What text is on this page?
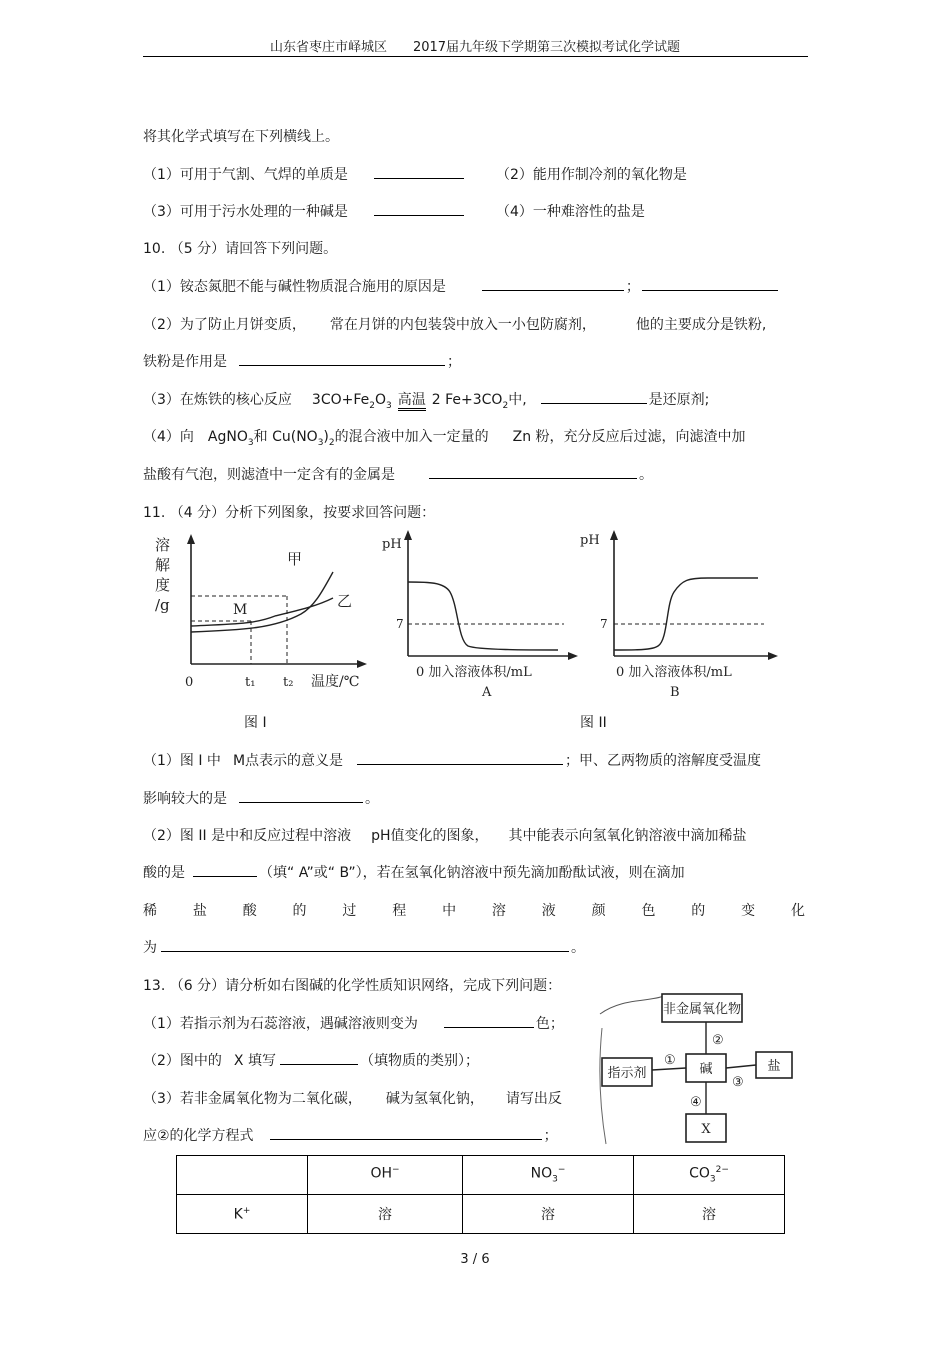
山东省枣庄市峄城区 2017届九年级下学期第三次模拟考试化学试题
将其化学式填写在下列横线上。
（1）可用于气割、气焊的单质是	（2）能用作制冷剂的氧化物是
（3）可用于污水处理的一种碱是	（4）一种难溶性的盐是
10. （5 分）请回答下列问题。
（1）铵态氮肥不能与碱性物质混合施用的原因是	；
（2）为了防止月饼变质， 常在月饼的内包装袋中放入一小包防腐剂，	他的主要成分是铁粉,
铁粉是作用是	；
（3）在炼铁的核心反应 $3CO+Fe_2O_3$ 高温 2 $Fe+3CO_2$中,	是还原剂;
（4）向 AgNO$_3$和 $Cu(NO_3)_2$的混合液中加入一定量的 Zn 粉，充分反应后过滤，向滤渣中加
盐酸有气泡，则滤渣中一定含有的金属是	。
11. （4 分）分析下列图象，按要求回答问题：
溶
解
度
/g
甲
乙
M
0	t₁ t₂ 温度/℃
pH
7
0 加入溶液体积/mL
A
pH
7
0 加入溶液体积/mL
B
图 I	图 II
（1）图 I 中 M点表示的意义是	；甲、乙两物质的溶解度受温度
影响较大的是	。
（2）图 II 是中和反应过程中溶液 pH值变化的图象， 其中能表示向氢氧化钠溶液中滴加稀盐
酸的是	（填“ A”或“ B”），若在氢氧化钠溶液中预先滴加酚酞试液，则在滴加
稀	盐	酸	的	过	程	中	溶	液	颜	色	的	变	化
为	。
13. （6 分）请分析如右图碱的化学性质知识网络，完成下列问题：
（1）若指示剂为石蕊溶液，遇碱溶液则变为	色；
（2）图中的 X 填写	（填物质的类别）；
（3）若非金属氧化物为二氧化碳， 碱为氢氧化钠， 请写出反
应②的化学方程式	；
非金属氧化物
指示剂	碱	盐
X
①
②
③
④
	OH−	$NO_3^-$	$CO_3^{2-}$
K+	溶	溶	溶
3 / 6
